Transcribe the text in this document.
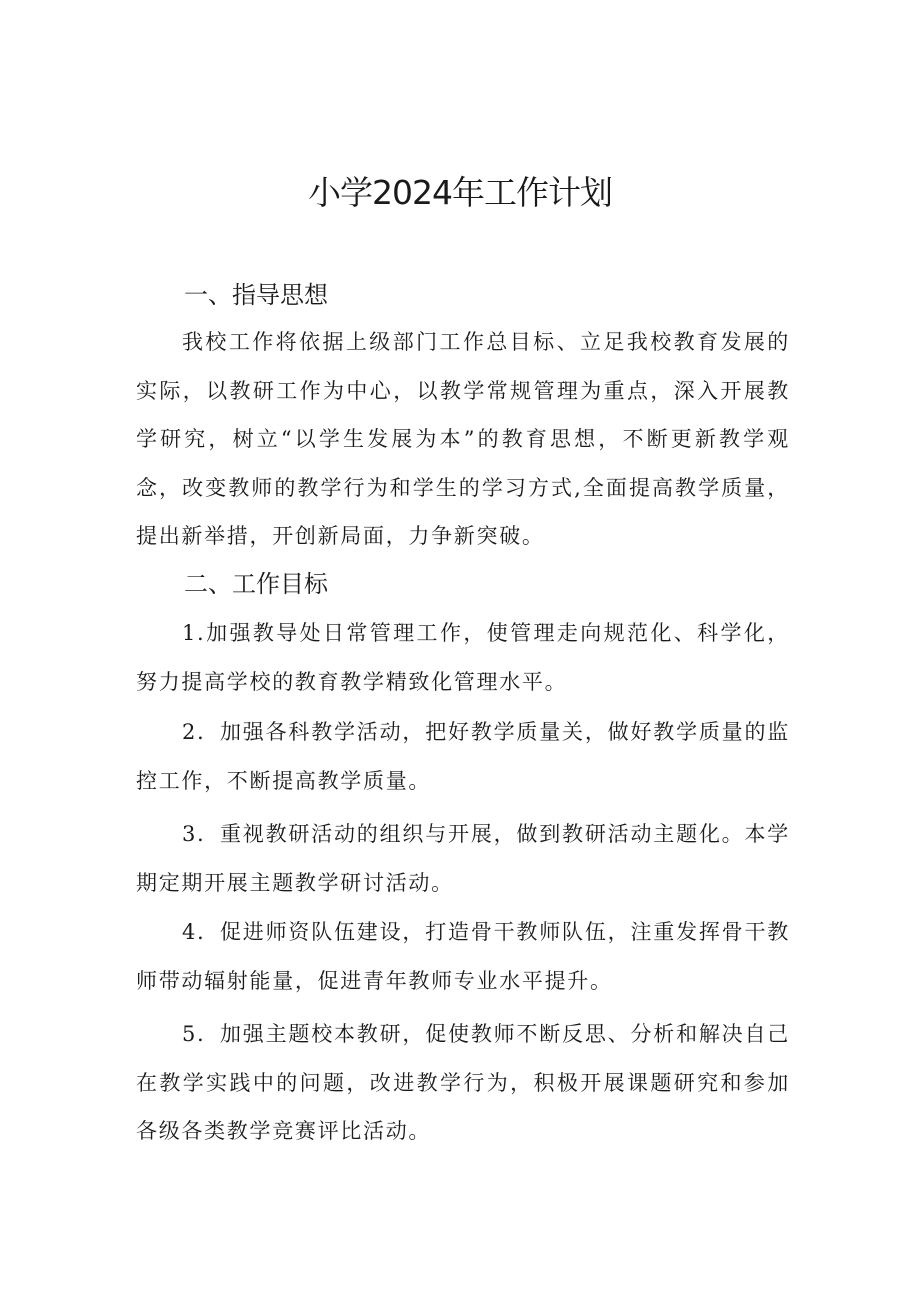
小学2024年工作计划
一、指导思想

我校工作将依据上级部门工作总目标、立足我校教育发展的实际，以教研工作为中心，以教学常规管理为重点，深入开展教学研究，树立“以学生发展为本”的教育思想，不断更新教学观念，改变教师的教学行为和学生的学习方式,全面提高教学质量，提出新举措，开创新局面，力争新突破。

二、工作目标

1.加强教导处日常管理工作，使管理走向规范化、科学化，努力提高学校的教育教学精致化管理水平。

2．加强各科教学活动，把好教学质量关，做好教学质量的监控工作，不断提高教学质量。

3．重视教研活动的组织与开展，做到教研活动主题化。本学期定期开展主题教学研讨活动。

4．促进师资队伍建设，打造骨干教师队伍，注重发挥骨干教师带动辐射能量，促进青年教师专业水平提升。

5．加强主题校本教研，促使教师不断反思、分析和解决自己在教学实践中的问题，改进教学行为，积极开展课题研究和参加各级各类教学竞赛评比活动。
